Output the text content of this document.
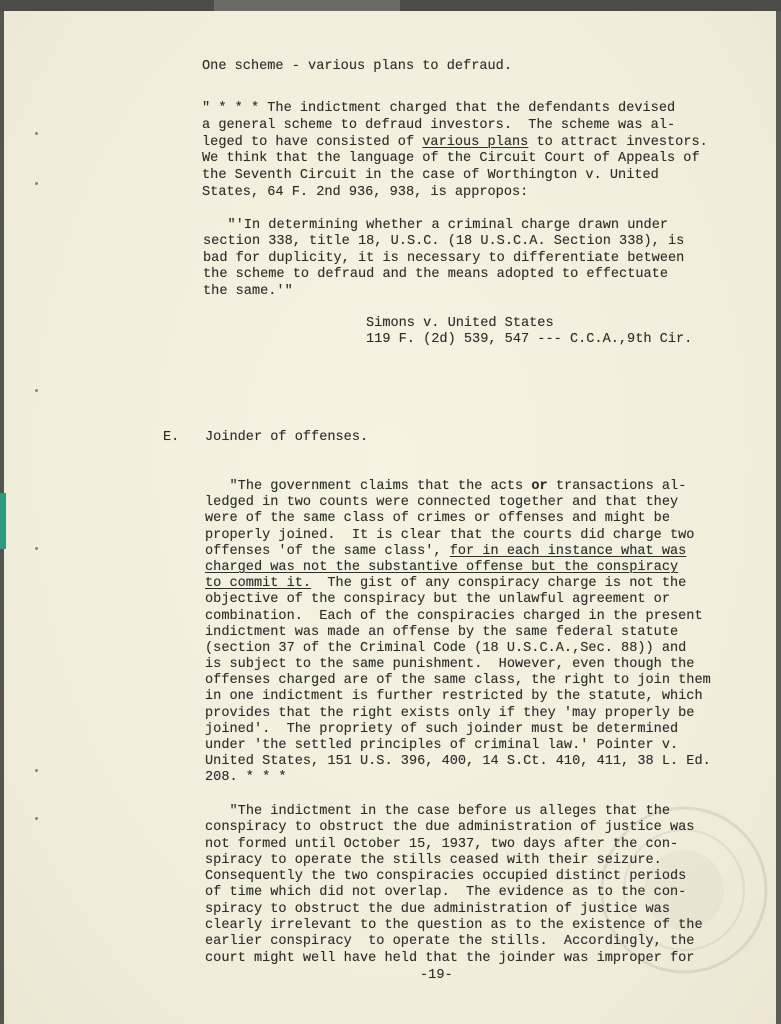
One scheme - various plans to defraud.
" * * * The indictment charged that the defendants devised
a general scheme to defraud investors.  The scheme was al-
leged to have consisted of various plans to attract investors.
We think that the language of the Circuit Court of Appeals of
the Seventh Circuit in the case of Worthington v. United
States, 64 F. 2nd 936, 938, is appropos:
"'In determining whether a criminal charge drawn under
section 338, title 18, U.S.C. (18 U.S.C.A. Section 338), is
bad for duplicity, it is necessary to differentiate between
the scheme to defraud and the means adopted to effectuate
the same.'"
Simons v. United States
119 F. (2d) 539, 547 --- C.C.A.,9th Cir.
E. Joinder of offenses.
"The government claims that the acts or transactions al-
ledged in two counts were connected together and that they
were of the same class of crimes or offenses and might be
properly joined.  It is clear that the courts did charge two
offenses 'of the same class', for in each instance what was
charged was not the substantive offense but the conspiracy
to commit it.  The gist of any conspiracy charge is not the
objective of the conspiracy but the unlawful agreement or
combination.  Each of the conspiracies charged in the present
indictment was made an offense by the same federal statute
(section 37 of the Criminal Code (18 U.S.C.A.,Sec. 88)) and
is subject to the same punishment.  However, even though the
offenses charged are of the same class, the right to join them
in one indictment is further restricted by the statute, which
provides that the right exists only if they 'may properly be
joined'.  The propriety of such joinder must be determined
under 'the settled principles of criminal law.' Pointer v.
United States, 151 U.S. 396, 400, 14 S.Ct. 410, 411, 38 L. Ed.
208. * * *
"The indictment in the case before us alleges that the
conspiracy to obstruct the due administration of justice was
not formed until October 15, 1937, two days after the con-
spiracy to operate the stills ceased with their seizure.
Consequently the two conspiracies occupied distinct periods
of time which did not overlap.  The evidence as to the con-
spiracy to obstruct the due administration of justice was
clearly irrelevant to the question as to the existence of the
earlier conspiracy  to operate the stills.  Accordingly, the
court might well have held that the joinder was improper for
-19-
